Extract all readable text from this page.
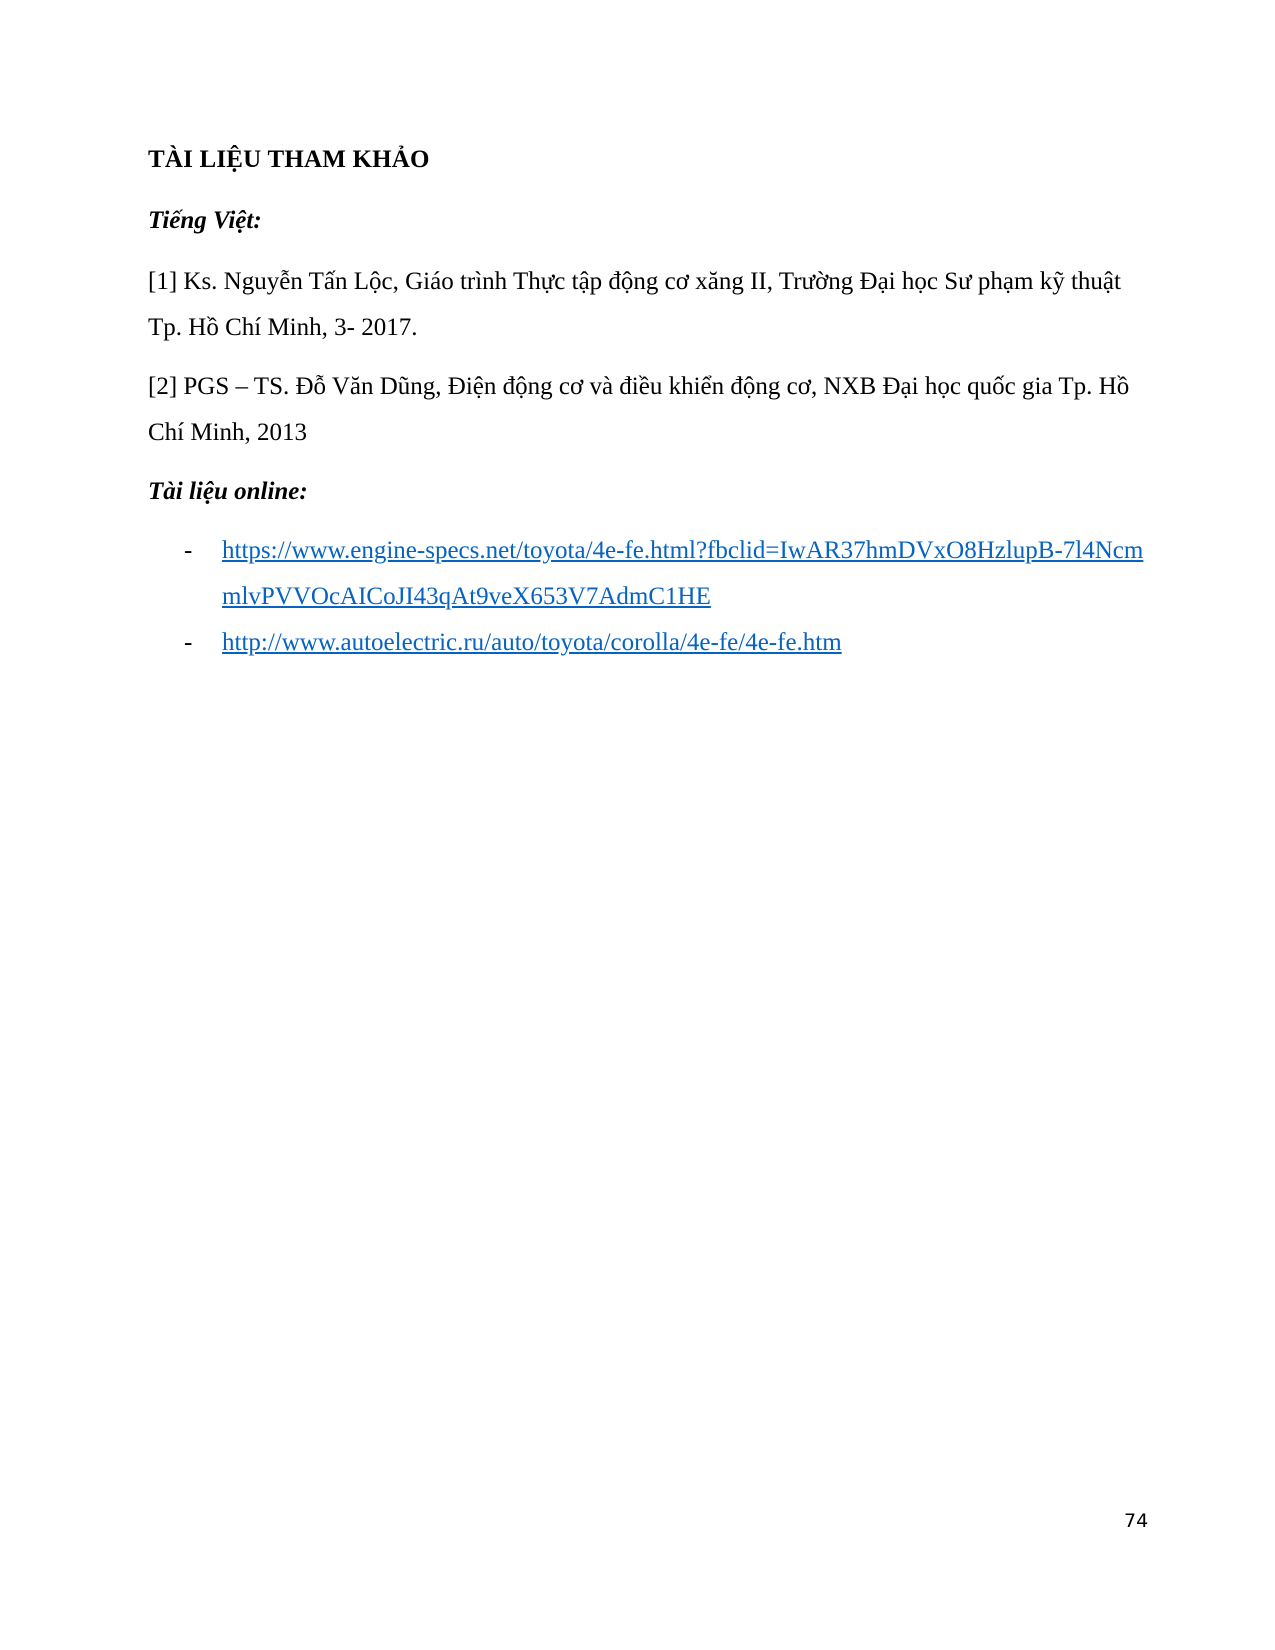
TÀI LIỆU THAM KHẢO
Tiếng Việt:

[1] Ks. Nguyễn Tấn Lộc, Giáo trình Thực tập động cơ xăng II, Trường Đại học Sư phạm kỹ thuật Tp. Hồ Chí Minh, 3- 2017.

[2] PGS – TS. Đỗ Văn Dũng, Điện động cơ và điều khiển động cơ, NXB Đại học quốc gia Tp. Hồ Chí Minh, 2013

Tài liệu online:
- https://www.engine-specs.net/toyota/4e-fe.html?fbclid=IwAR37hmDVxO8HzlupB-7l4NcmmlvPVVOcAICoJI43qAt9veX653V7AdmC1HE
- http://www.autoelectric.ru/auto/toyota/corolla/4e-fe/4e-fe.htm
74
